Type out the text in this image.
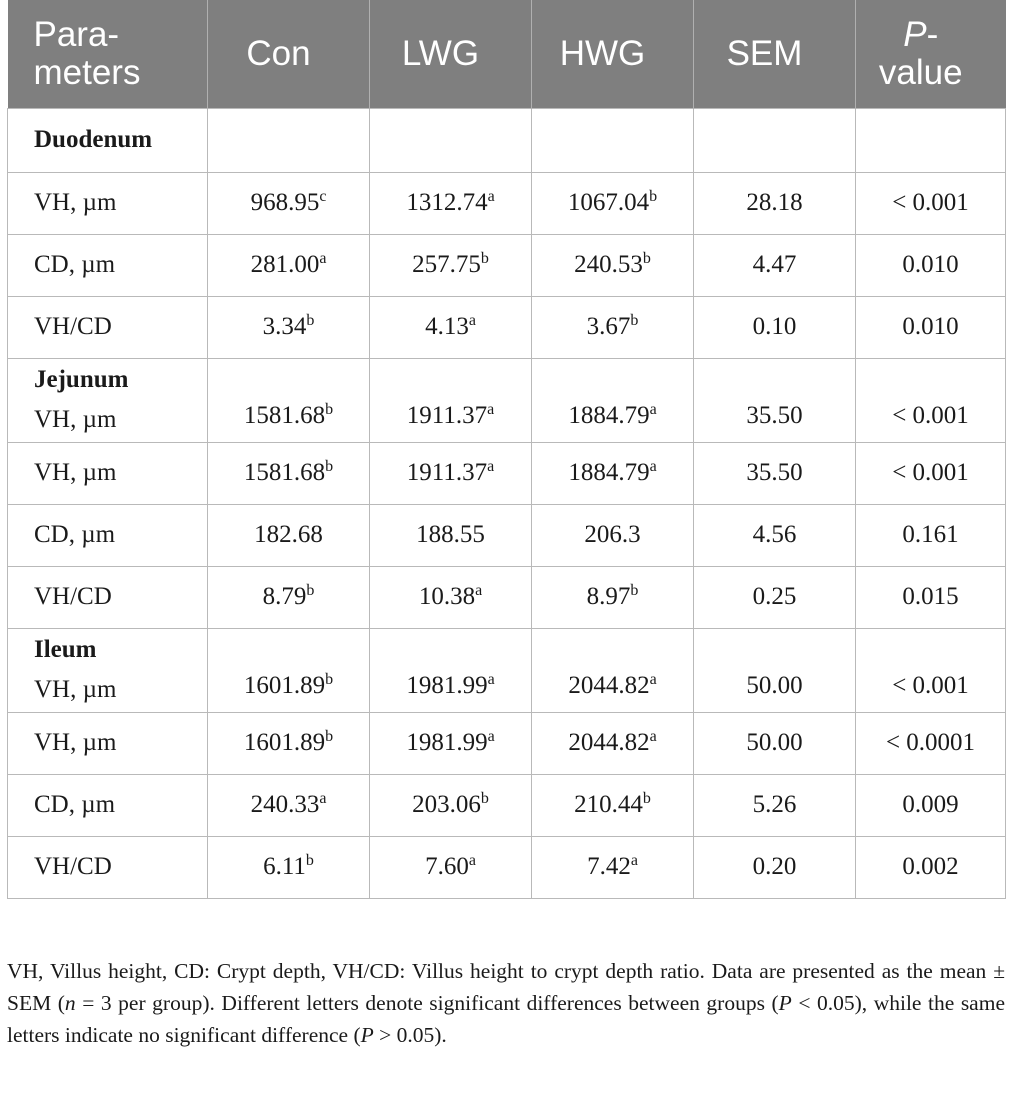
Para-
meters	Con	LWG	HWG	SEM	P-
value
Duodenum					
VH, µm	968.95$^c$	1312.74$^a$	1067.04$^b$	28.18	< 0.001
CD, µm	281.00$^a$	257.75$^b$	240.53$^b$	4.47	0.010
VH/CD	3.34$^b$	4.13$^a$	3.67$^b$	0.10	0.010

Jejunum
VH, µm	1581.68$^b$	1911.37$^a$	1884.79$^a$	35.50	< 0.001
VH, µm	1581.68$^b$	1911.37$^a$	1884.79$^a$	35.50	< 0.001
CD, µm	182.68	188.55	206.3	4.56	0.161
VH/CD	8.79$^b$	10.38$^a$	8.97$^b$	0.25	0.015

Ileum
VH, µm	1601.89$^b$	1981.99$^a$	2044.82$^a$	50.00	< 0.001
VH, µm	1601.89$^b$	1981.99$^a$	2044.82$^a$	50.00	< 0.0001
CD, µm	240.33$^a$	203.06$^b$	210.44$^b$	5.26	0.009
VH/CD	6.11$^b$	7.60$^a$	7.42$^a$	0.20	0.002

VH, Villus height, CD: Crypt depth, VH/CD: Villus height to crypt depth ratio. Data are presented as the mean ± SEM (n = 3 per group). Different letters denote significant differences between groups (P < 0.05), while the same letters indicate no significant difference (P > 0.05).
